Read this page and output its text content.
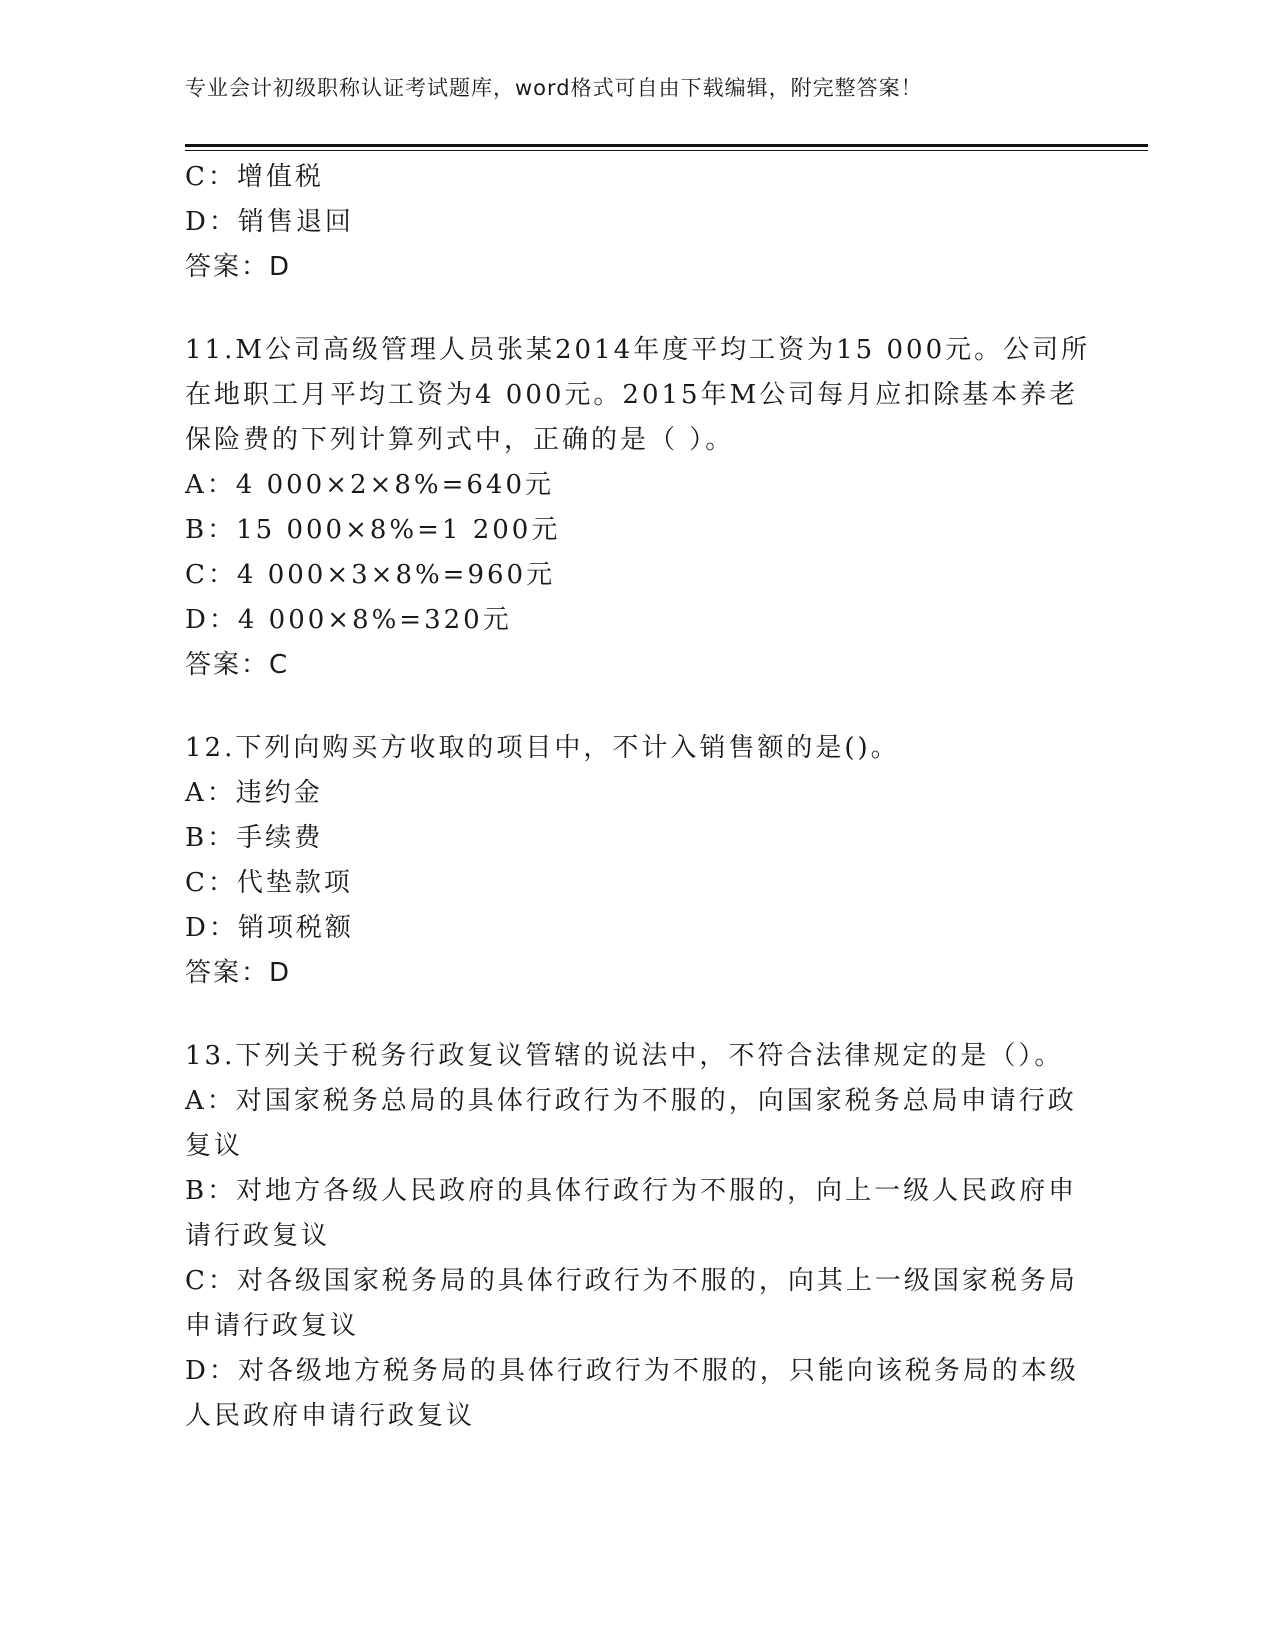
专业会计初级职称认证考试题库，word格式可自由下载编辑，附完整答案！
C：增值税
D：销售退回
答案：D
11.M公司高级管理人员张某2014年度平均工资为15 000元。公司所
在地职工月平均工资为4 000元。2015年M公司每月应扣除基本养老
保险费的下列计算列式中，正确的是（ ）。
A：4 000×2×8%=640元
B：15 000×8%=1 200元
C：4 000×3×8%=960元
D：4 000×8%=320元
答案：C
12.下列向购买方收取的项目中，不计入销售额的是()。
A：违约金
B：手续费
C：代垫款项
D：销项税额
答案：D
13.下列关于税务行政复议管辖的说法中，不符合法律规定的是（）。
A：对国家税务总局的具体行政行为不服的，向国家税务总局申请行政
复议
B：对地方各级人民政府的具体行政行为不服的，向上一级人民政府申
请行政复议
C：对各级国家税务局的具体行政行为不服的，向其上一级国家税务局
申请行政复议
D：对各级地方税务局的具体行政行为不服的，只能向该税务局的本级
人民政府申请行政复议
